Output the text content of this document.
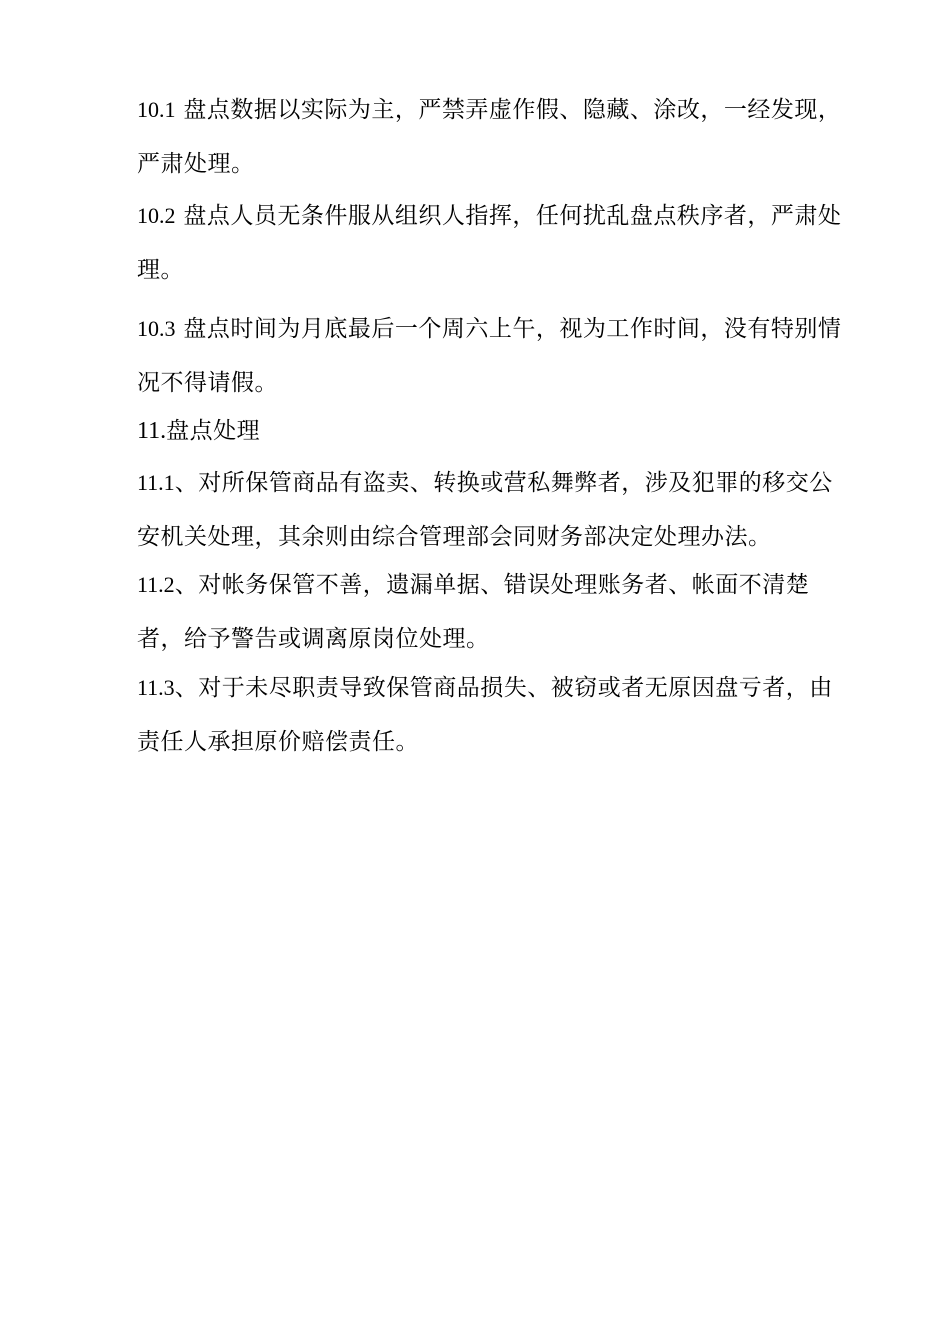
10.1 盘点数据以实际为主，严禁弄虚作假、隐藏、涂改，一经发现，
严肃处理。
10.2 盘点人员无条件服从组织人指挥，任何扰乱盘点秩序者，严肃处
理。
10.3 盘点时间为月底最后一个周六上午，视为工作时间，没有特别情
况不得请假。
11.盘点处理
11.1、对所保管商品有盗卖、转换或营私舞弊者，涉及犯罪的移交公
安机关处理，其余则由综合管理部会同财务部决定处理办法。
11.2、对帐务保管不善，遗漏单据、错误处理账务者、帐面不清楚
者，给予警告或调离原岗位处理。
11.3、对于未尽职责导致保管商品损失、被窃或者无原因盘亏者，由
责任人承担原价赔偿责任。
